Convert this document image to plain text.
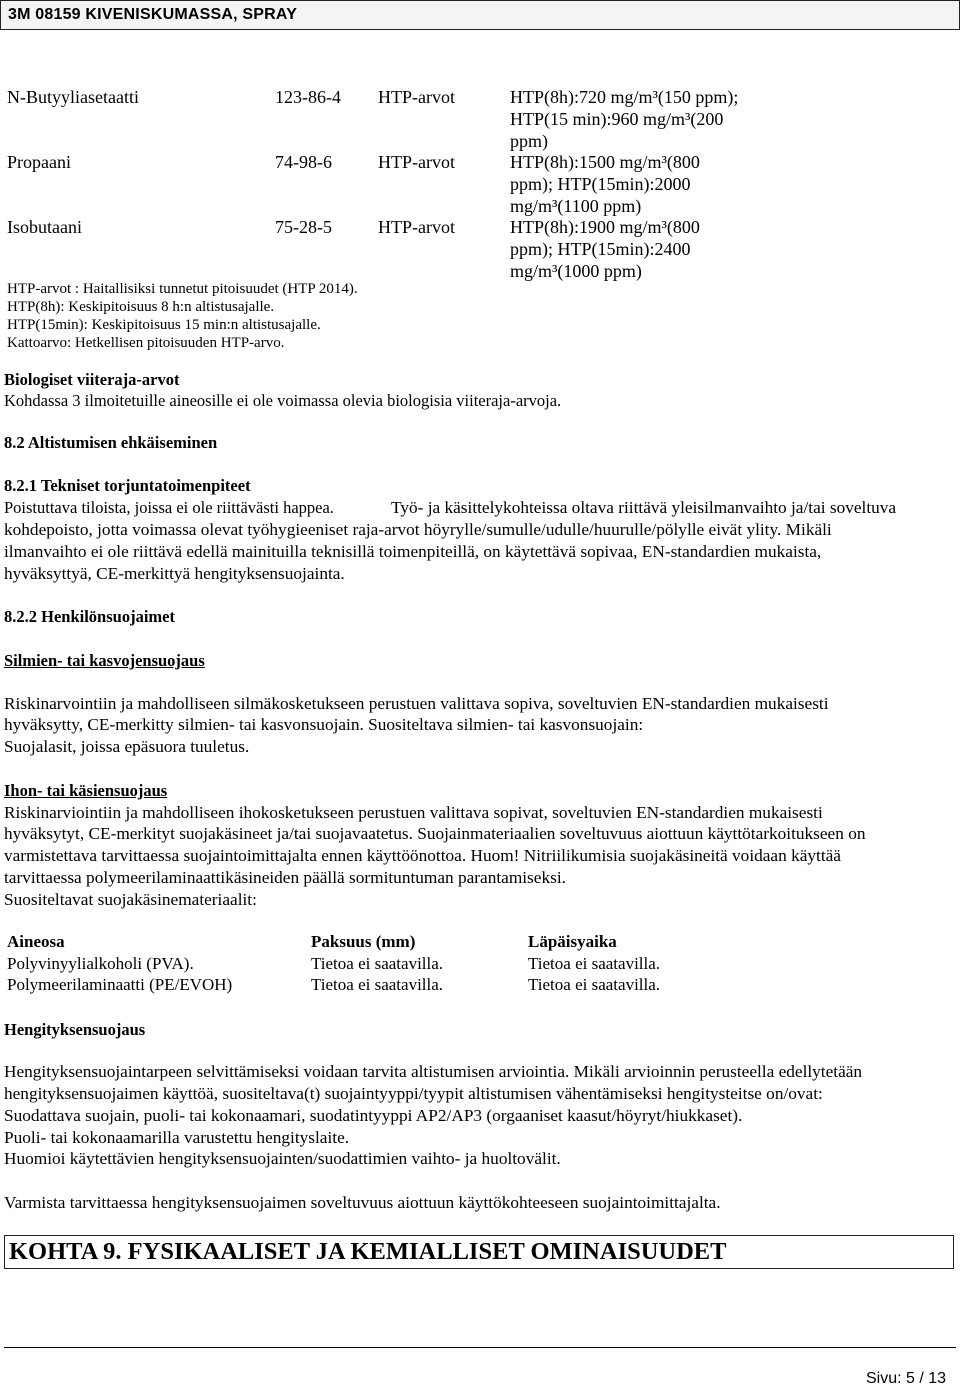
3M 08159 KIVENISKUMASSA, SPRAY
N-Butyyliasetaatti	123-86-4 HTP-arvot	HTP(8h):720 mg/m³(150 ppm);
HTP(15 min):960 mg/m³(200
ppm)
Propaani	74-98-6	HTP-arvot	HTP(8h):1500 mg/m³(800
ppm); HTP(15min):2000
mg/m³(1100 ppm)
Isobutaani	75-28-5	HTP-arvot	HTP(8h):1900 mg/m³(800
ppm); HTP(15min):2400
mg/m³(1000 ppm)
HTP-arvot : Haitallisiksi tunnetut pitoisuudet (HTP 2014).
HTP(8h): Keskipitoisuus 8 h:n altistusajalle.
HTP(15min): Keskipitoisuus 15 min:n altistusajalle.
Kattoarvo: Hetkellisen pitoisuuden HTP-arvo.
Biologiset viiteraja-arvot
Kohdassa 3 ilmoitetuille aineosille ei ole voimassa olevia biologisia viiteraja-arvoja.
8.2 Altistumisen ehkäiseminen
8.2.1 Tekniset torjuntatoimenpiteet
Poistuttava tiloista, joissa ei ole riittävästi happea.	Työ- ja käsittelykohteissa oltava riittävä yleisilmanvaihto ja/tai soveltuva
kohdepoisto, jotta voimassa olevat työhygieeniset raja-arvot höyrylle/sumulle/udulle/huurulle/pölylle eivät ylity. Mikäli
ilmanvaihto ei ole riittävä edellä mainituilla teknisillä toimenpiteillä, on käytettävä sopivaa, EN-standardien mukaista,
hyväksyttyä, CE-merkittyä hengityksensuojainta.
8.2.2 Henkilönsuojaimet
Silmien- tai kasvojensuojaus
Riskinarvointiin ja mahdolliseen silmäkosketukseen perustuen valittava sopiva, soveltuvien EN-standardien mukaisesti
hyväksytty, CE-merkitty silmien- tai kasvonsuojain. Suositeltava silmien- tai kasvonsuojain:
Suojalasit, joissa epäsuora tuuletus.
Ihon- tai käsiensuojaus
Riskinarviointiin ja mahdolliseen ihokosketukseen perustuen valittava sopivat, soveltuvien EN-standardien mukaisesti
hyväksytyt, CE-merkityt suojakäsineet ja/tai suojavaatetus. Suojainmateriaalien soveltuvuus aiottuun käyttötarkoitukseen on
varmistettava tarvittaessa suojaintoimittajalta ennen käyttöönottoa. Huom! Nitriilikumisia suojakäsineitä voidaan käyttää
tarvittaessa polymeerilaminaattikäsineiden päällä sormituntuman parantamiseksi.
Suositeltavat suojakäsinemateriaalit:
Aineosa	Paksuus (mm)	Läpäisyaika
Polyvinyylialkoholi (PVA).	Tietoa ei saatavilla.	Tietoa ei saatavilla.
Polymeerilaminaatti (PE/EVOH)	Tietoa ei saatavilla.	Tietoa ei saatavilla.
Hengityksensuojaus
Hengityksensuojaintarpeen selvittämiseksi voidaan tarvita altistumisen arviointia. Mikäli arvioinnin perusteella edellytetään
hengityksensuojaimen käyttöä, suositeltava(t) suojaintyyppi/tyypit altistumisen vähentämiseksi hengitysteitse on/ovat:
Suodattava suojain, puoli- tai kokonaamari, suodatintyyppi AP2/AP3 (orgaaniset kaasut/höyryt/hiukkaset).
Puoli- tai kokonaamarilla varustettu hengityslaite.
Huomioi käytettävien hengityksensuojainten/suodattimien vaihto- ja huoltovälit.
Varmista tarvittaessa hengityksensuojaimen soveltuvuus aiottuun käyttökohteeseen suojaintoimittajalta.
KOHTA 9. FYSIKAALISET JA KEMIALLISET OMINAISUUDET
Sivu: 5 / 13
